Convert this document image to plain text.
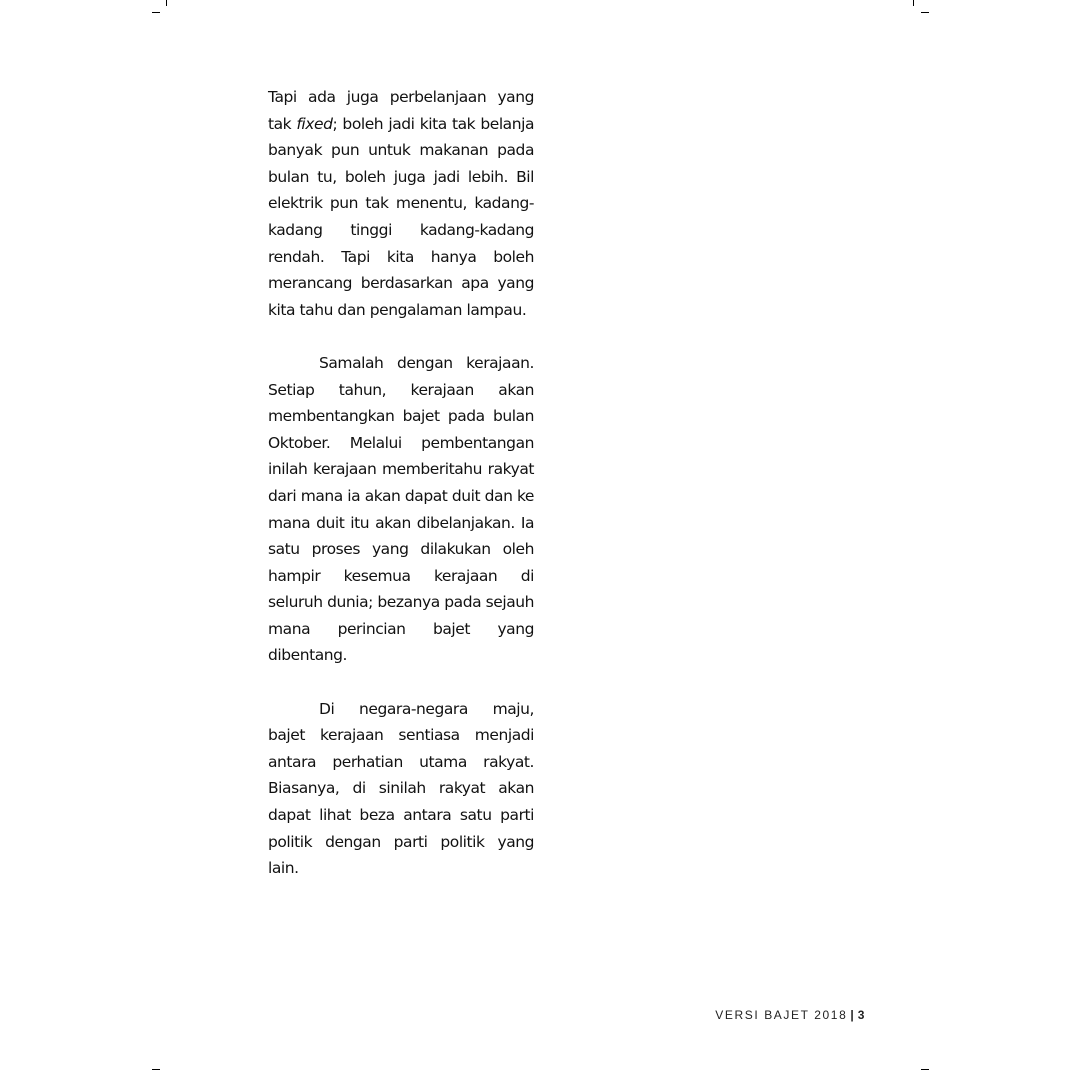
Tapi ada juga perbelanjaan yang tak fixed; boleh jadi kita tak belanja banyak pun untuk makanan pada bulan tu, boleh juga jadi lebih. Bil elektrik pun tak menentu, kadang-kadang tinggi kadang-kadang rendah. Tapi kita hanya boleh merancang berdasarkan apa yang kita tahu dan pengalaman lampau.

Samalah dengan kerajaan. Setiap tahun, kerajaan akan membentangkan bajet pada bulan Oktober. Melalui pembentangan inilah kerajaan memberitahu rakyat dari mana ia akan dapat duit dan ke mana duit itu akan dibelanjakan. Ia satu proses yang dilakukan oleh hampir kesemua kerajaan di seluruh dunia; bezanya pada sejauh mana perincian bajet yang dibentang.

Di negara-negara maju, bajet kerajaan sentiasa menjadi antara perhatian utama rakyat. Biasanya, di sinilah rakyat akan dapat lihat beza antara satu parti politik dengan parti politik yang lain.

VERSI BAJET 2018 | 3
